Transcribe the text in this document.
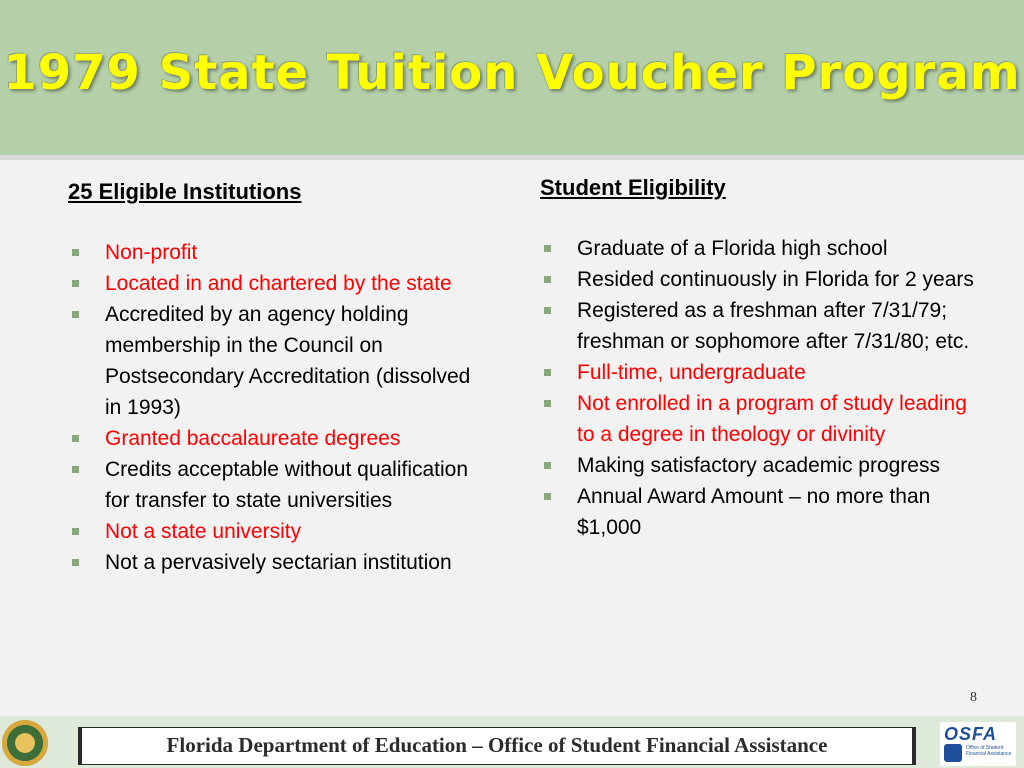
1979 State Tuition Voucher Program
25 Eligible Institutions
Non-profit
Located in and chartered by the state
Accredited by an agency holding membership in the Council on Postsecondary Accreditation (dissolved in 1993)
Granted baccalaureate degrees
Credits acceptable without qualification for transfer to state universities
Not a state university
Not a pervasively sectarian institution
Student Eligibility
Graduate of a Florida high school
Resided continuously in Florida for 2 years
Registered as a freshman after 7/31/79; freshman or sophomore after 7/31/80; etc.
Full-time, undergraduate
Not enrolled in a program of study leading to a degree in theology or divinity
Making satisfactory academic progress
Annual Award Amount – no more than $1,000
8
Florida Department of Education – Office of Student Financial Assistance	OSFA
Office of Student Financial Assistance
